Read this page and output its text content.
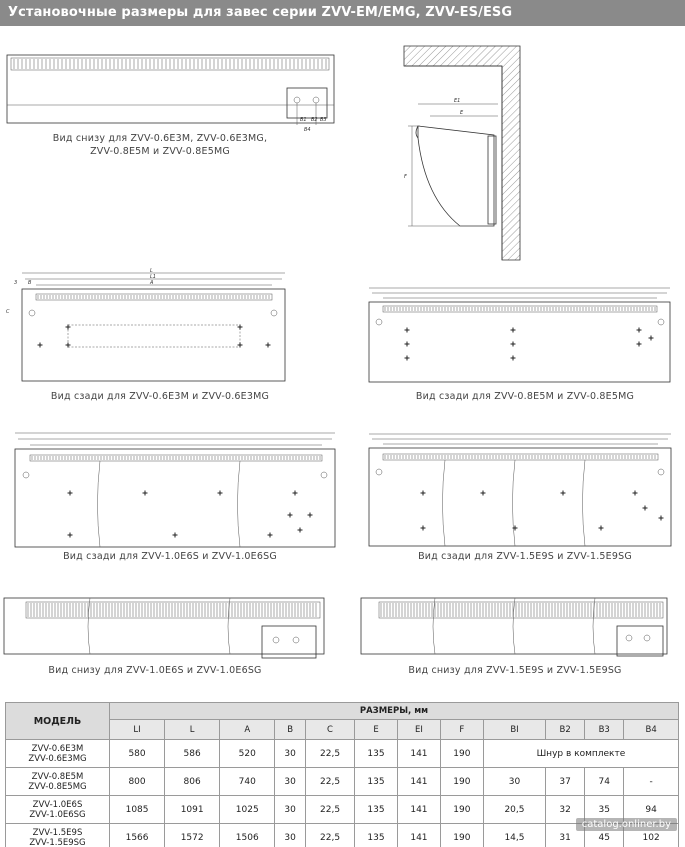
Установочные размеры для завес серии ZVV-EM/EMG, ZVV-ES/ESG
B1 B2 B3
B4
Вид снизу для ZVV-0.6E3M, ZVV-0.6E3MG,
ZVV-0.8E5M и ZVV-0.8E5MG
E1
E
F
L
L1
A
3 B
C
Вид сзади для ZVV-0.6E3M и ZVV-0.6E3MG	Вид сзади для ZVV-0.8E5M и ZVV-0.8E5MG
Вид сзади для ZVV-1.0E6S и ZVV-1.0E6SG	Вид сзади для ZVV-1.5E9S и ZVV-1.5E9SG
Вид снизу для ZVV-1.0E6S и ZVV-1.0E6SG	Вид снизу для ZVV-1.5E9S и ZVV-1.5E9SG
МОДЕЛЬ	РАЗМЕРЫ, мм											
	LI	L	A	B	C	E	EI	F	BI	B2	B3	B4

ZVV-0.6E3M
ZVV-0.6E3MG	580	586	520	30	22,5	135	141	190	Шнур в комплекте			

ZVV-0.8E5M
ZVV-0.8E5MG	800	806	740	30	22,5	135	141	190	30	37	74	-

ZVV-1.0E6S
ZVV-1.0E6SG	1085	1091	1025	30	22,5	135	141	190	20,5	32	35	94

ZVV-1.5E9S
ZVV-1.5E9SG	1566	1572	1506	30	22,5	135	141	190	14,5	31	45	102
catalog.onliner.by
